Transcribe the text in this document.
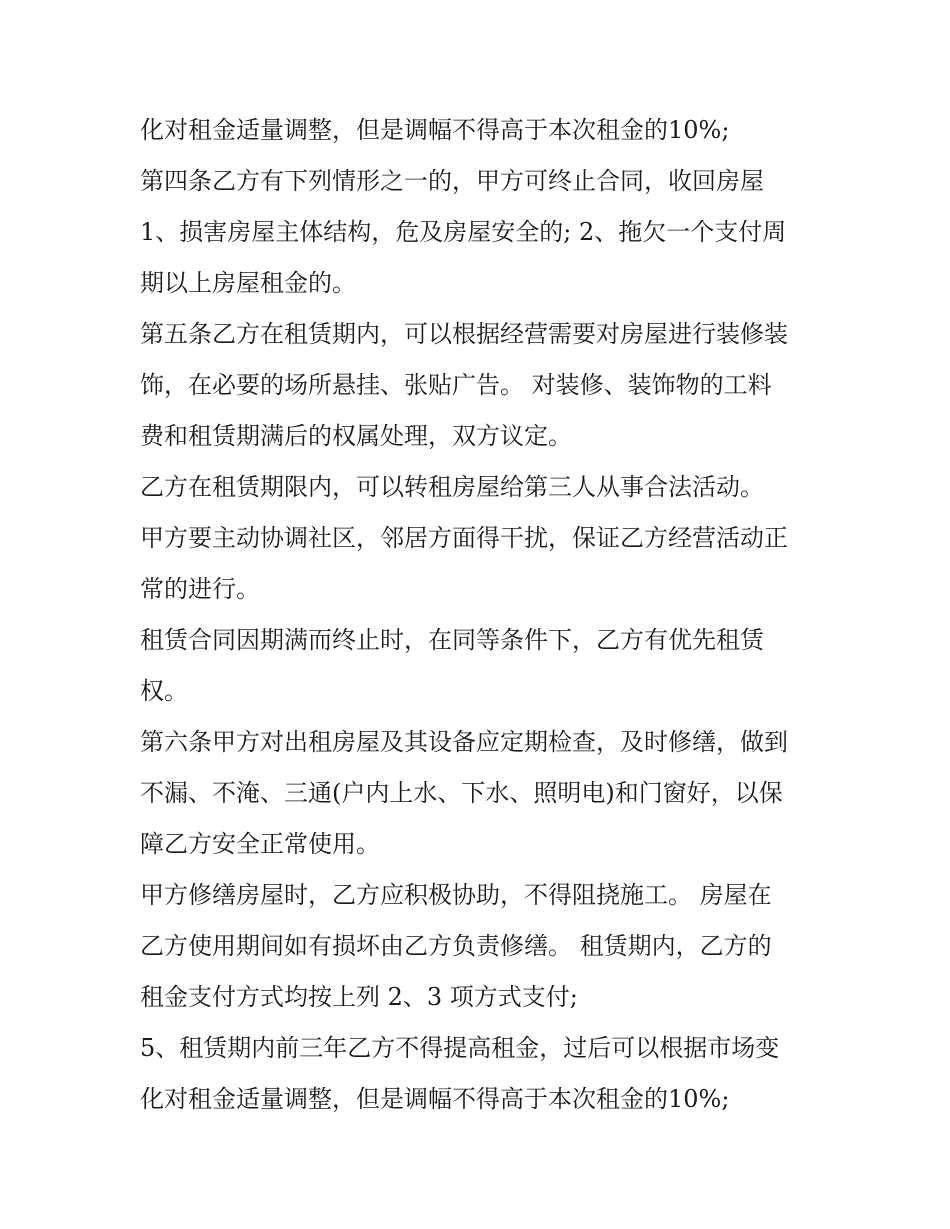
化对租金适量调整，但是调幅不得高于本次租金的10%;
第四条乙方有下列情形之一的，甲方可终止合同，收回房屋
1、损害房屋主体结构，危及房屋安全的; 2、拖欠一个支付周
期以上房屋租金的。
第五条乙方在租赁期内，可以根据经营需要对房屋进行装修装
饰，在必要的场所悬挂、张贴广告。 对装修、装饰物的工料
费和租赁期满后的权属处理，双方议定。
乙方在租赁期限内，可以转租房屋给第三人从事合法活动。
甲方要主动协调社区，邻居方面得干扰，保证乙方经营活动正
常的进行。
租赁合同因期满而终止时，在同等条件下，乙方有优先租赁
权。
第六条甲方对出租房屋及其设备应定期检查，及时修缮，做到
不漏、不淹、三通(户内上水、下水、照明电)和门窗好，以保
障乙方安全正常使用。
甲方修缮房屋时，乙方应积极协助，不得阻挠施工。 房屋在
乙方使用期间如有损坏由乙方负责修缮。 租赁期内，乙方的
租金支付方式均按上列 2、3 项方式支付;
5、租赁期内前三年乙方不得提高租金，过后可以根据市场变
化对租金适量调整，但是调幅不得高于本次租金的10%;
